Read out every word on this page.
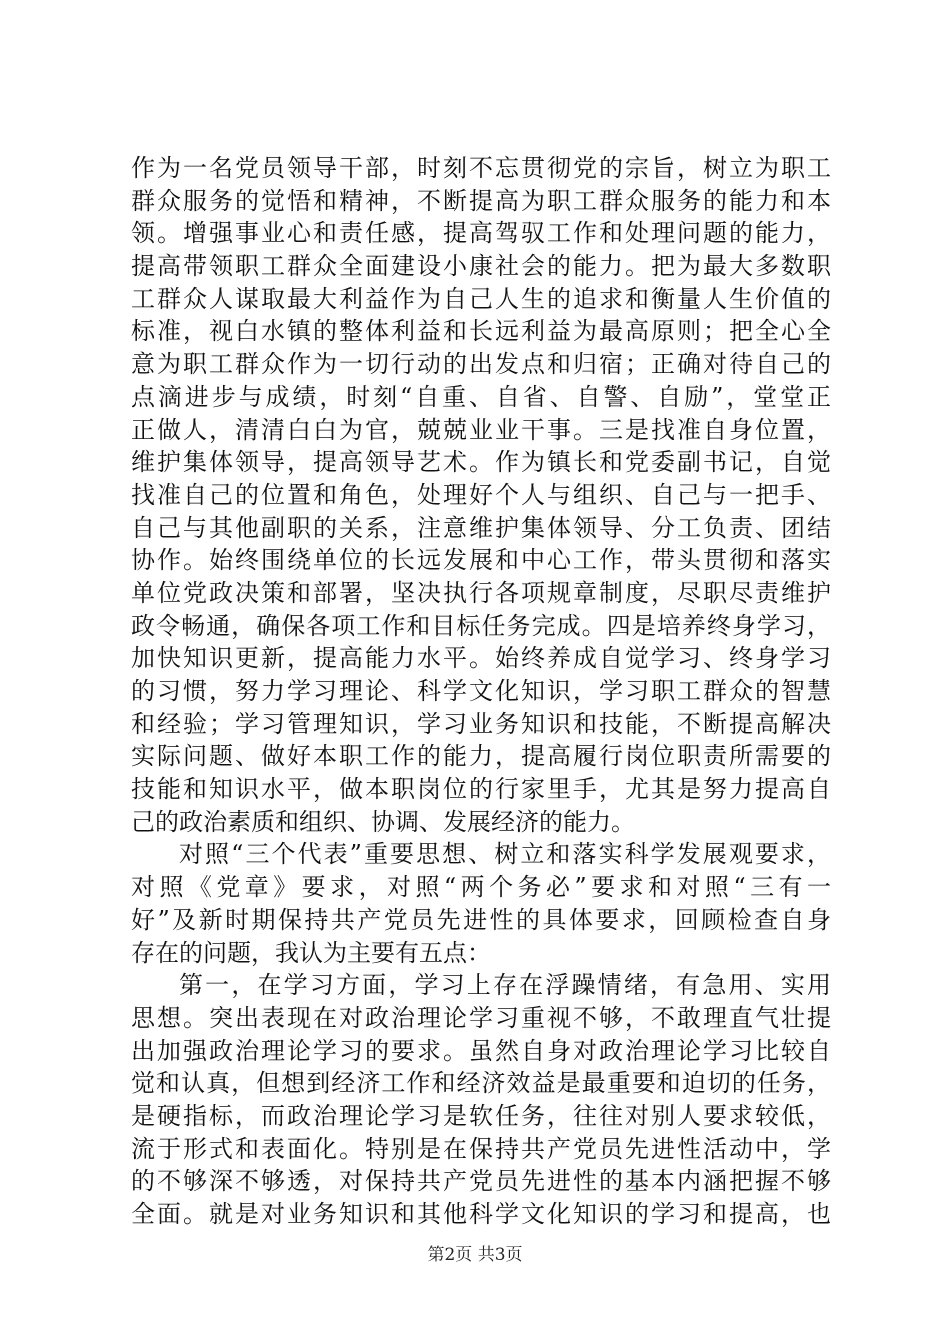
作为一名党员领导干部，时刻不忘贯彻党的宗旨，树立为职工
群众服务的觉悟和精神，不断提高为职工群众服务的能力和本
领。增强事业心和责任感，提高驾驭工作和处理问题的能力，
提高带领职工群众全面建设小康社会的能力。把为最大多数职
工群众人谋取最大利益作为自己人生的追求和衡量人生价值的
标准，视白水镇的整体利益和长远利益为最高原则；把全心全
意为职工群众作为一切行动的出发点和归宿；正确对待自己的
点滴进步与成绩，时刻“自重、自省、自警、自励”，堂堂正
正做人，清清白白为官，兢兢业业干事。三是找准自身位置，
维护集体领导，提高领导艺术。作为镇长和党委副书记，自觉
找准自己的位置和角色，处理好个人与组织、自己与一把手、
自己与其他副职的关系，注意维护集体领导、分工负责、团结
协作。始终围绕单位的长远发展和中心工作，带头贯彻和落实
单位党政决策和部署，坚决执行各项规章制度，尽职尽责维护
政令畅通，确保各项工作和目标任务完成。四是培养终身学习，
加快知识更新，提高能力水平。始终养成自觉学习、终身学习
的习惯，努力学习理论、科学文化知识，学习职工群众的智慧
和经验；学习管理知识，学习业务知识和技能，不断提高解决
实际问题、做好本职工作的能力，提高履行岗位职责所需要的
技能和知识水平，做本职岗位的行家里手，尤其是努力提高自
己的政治素质和组织、协调、发展经济的能力。
对照“三个代表”重要思想、树立和落实科学发展观要求，
对照《党章》要求，对照“两个务必”要求和对照“三有一
好”及新时期保持共产党员先进性的具体要求，回顾检查自身
存在的问题，我认为主要有五点：
第一，在学习方面，学习上存在浮躁情绪，有急用、实用
思想。突出表现在对政治理论学习重视不够，不敢理直气壮提
出加强政治理论学习的要求。虽然自身对政治理论学习比较自
觉和认真，但想到经济工作和经济效益是最重要和迫切的任务，
是硬指标，而政治理论学习是软任务，往往对别人要求较低，
流于形式和表面化。特别是在保持共产党员先进性活动中，学
的不够深不够透，对保持共产党员先进性的基本内涵把握不够
全面。就是对业务知识和其他科学文化知识的学习和提高，也
第2页 共3页
